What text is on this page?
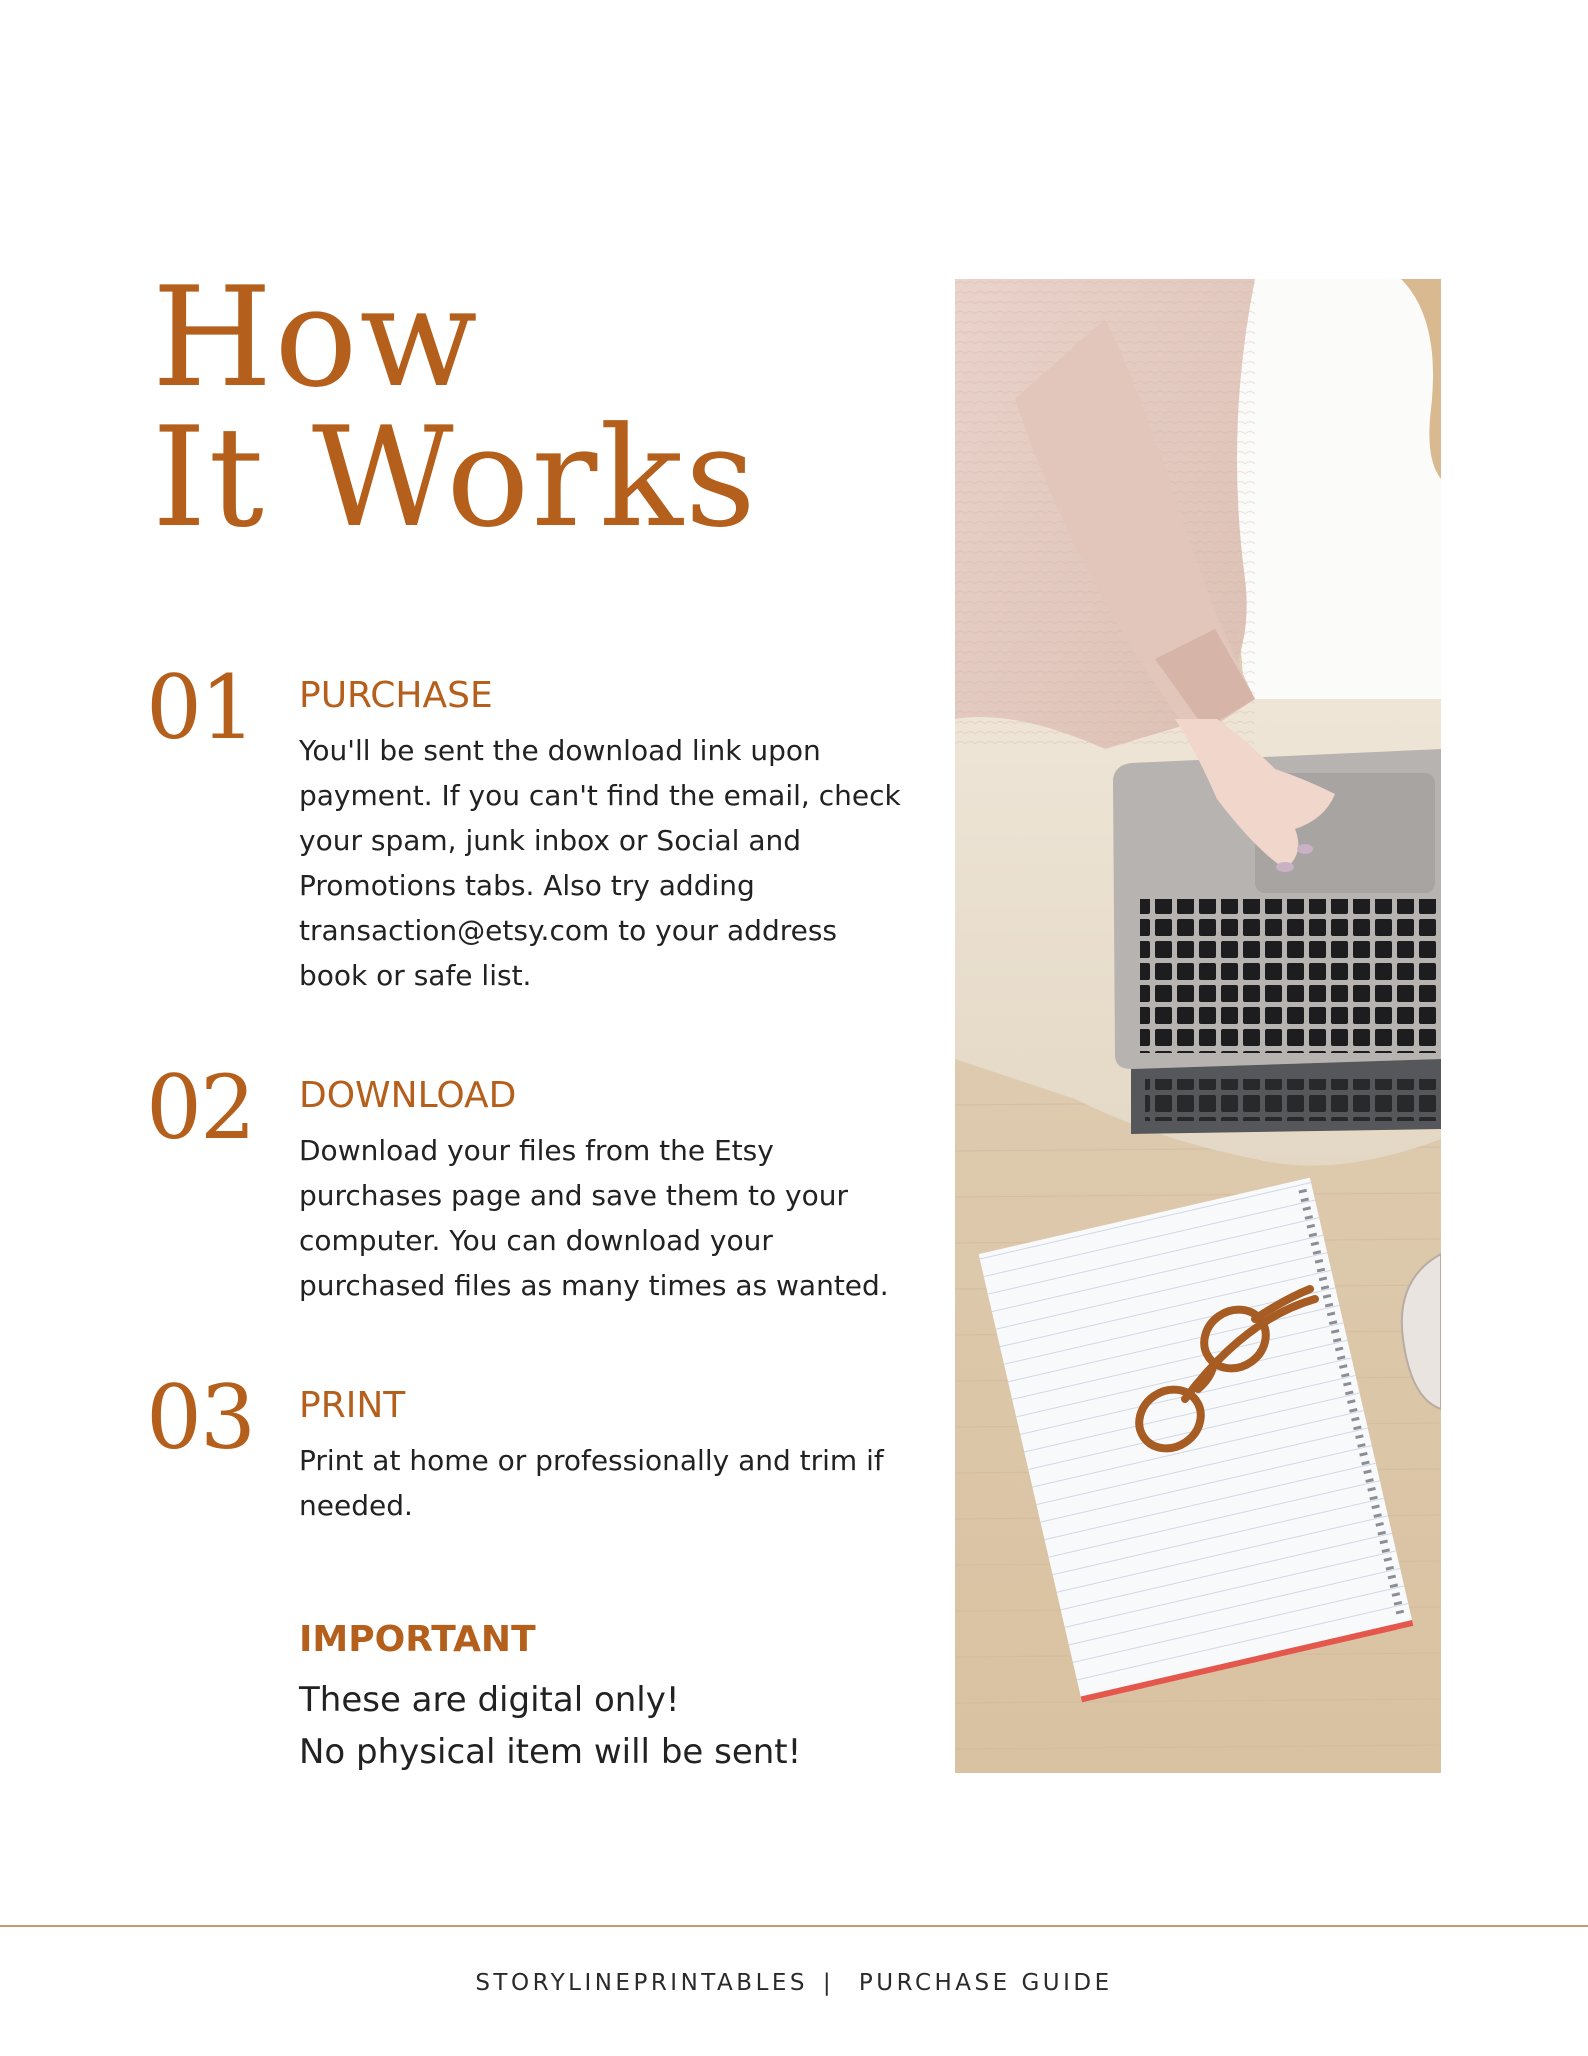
How
It Works
01 PURCHASE

You'll be sent the download link upon payment. If you can't find the email, check your spam, junk inbox or Social and Promotions tabs. Also try adding transaction@etsy.com to your address book or safe list.

02 DOWNLOAD

Download your files from the Etsy purchases page and save them to your computer. You can download your purchased files as many times as wanted.

03 PRINT

Print at home or professionally and trim if needed.

IMPORTANT

These are digital only!

No physical item will be sent!

STORYLINEPRINTABLES | PURCHASE GUIDE
